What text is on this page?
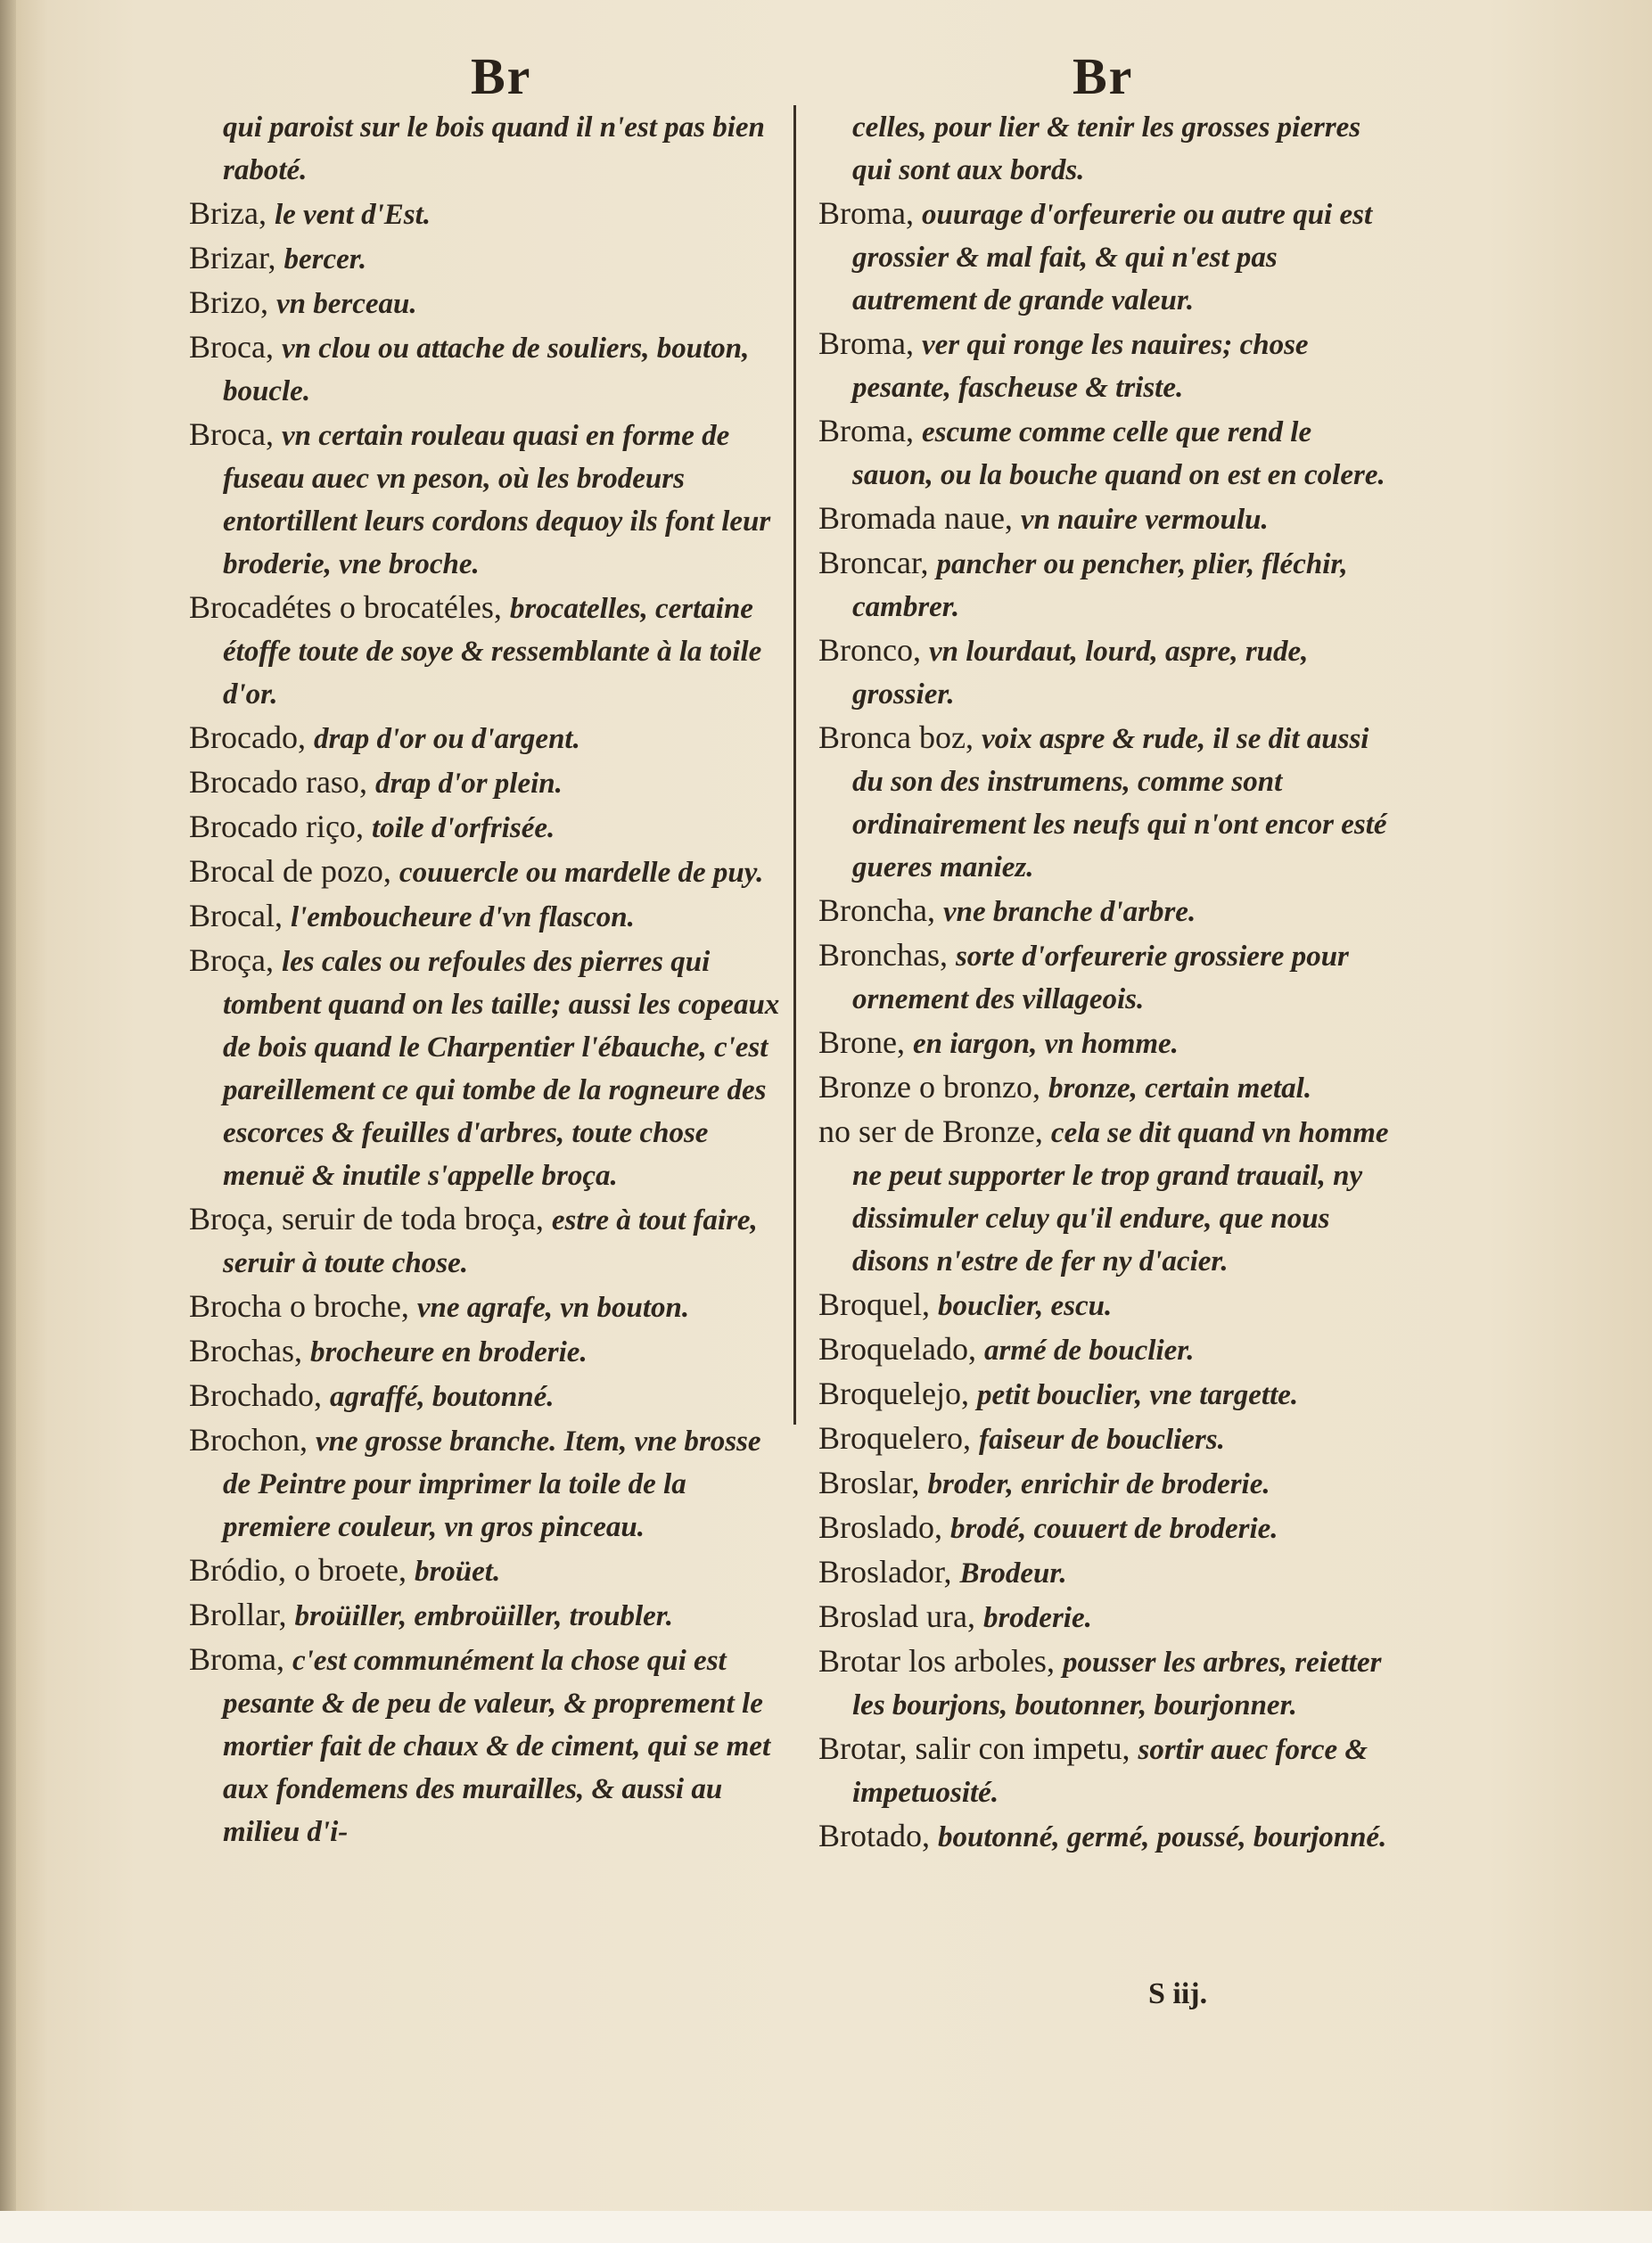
Br	Br
qui paroist sur le bois quand il n'est pas bien raboté.
Briza, le vent d'Est.
Brizar, bercer.
Brizo, vn berceau.
Broca, vn clou ou attache de souliers, bouton, boucle.
Broca, vn certain rouleau quasi en forme de fuseau auec vn peson, où les brodeurs entortillent leurs cordons dequoy ils font leur broderie, vne broche.
Brocadétes o brocatéles, brocatelles, certaine étoffe toute de soye & ressemblante à la toile d'or.
Brocado, drap d'or ou d'argent.
Brocado raso, drap d'or plein.
Brocado riço, toile d'orfrisée.
Brocal de pozo, couuercle ou mardelle de puy.
Brocal, l'emboucheure d'vn flascon.
Broça, les cales ou refoules des pierres qui tombent quand on les taille; aussi les copeaux de bois quand le Charpentier l'ébauche, c'est pareillement ce qui tombe de la rogneure des escorces & feuilles d'arbres, toute chose menuë & inutile s'appelle broça.
Broça, seruir de toda broça, estre à tout faire, seruir à toute chose.
Brocha o broche, vne agrafe, vn bouton.
Brochas, brocheure en broderie.
Brochado, agraffé, boutonné.
Brochon, vne grosse branche. Item, vne brosse de Peintre pour imprimer la toile de la premiere couleur, vn gros pinceau.
Bródio, o broete, broüet.
Brollar, broüiller, embroüiller, troubler.
Broma, c'est communément la chose qui est pesante & de peu de valeur, & proprement le mortier fait de chaux & de ciment, qui se met aux fondemens des murailles, & aussi au milieu d'i-
celles, pour lier & tenir les grosses pierres qui sont aux bords.
Broma, ouurage d'orfeurerie ou autre qui est grossier & mal fait, & qui n'est pas autrement de grande valeur.
Broma, ver qui ronge les nauires; chose pesante, fascheuse & triste.
Broma, escume comme celle que rend le sauon, ou la bouche quand on est en colere.
Bromada naue, vn nauire vermoulu.
Broncar, pancher ou pencher, plier, fléchir, cambrer.
Bronco, vn lourdaut, lourd, aspre, rude, grossier.
Bronca boz, voix aspre & rude, il se dit aussi du son des instrumens, comme sont ordinairement les neufs qui n'ont encor esté gueres maniez.
Broncha, vne branche d'arbre.
Bronchas, sorte d'orfeurerie grossiere pour ornement des villageois.
Brone, en iargon, vn homme.
Bronze o bronzo, bronze, certain metal.
no ser de Bronze, cela se dit quand vn homme ne peut supporter le trop grand trauail, ny dissimuler celuy qu'il endure, que nous disons n'estre de fer ny d'acier.
Broquel, bouclier, escu.
Broquelado, armé de bouclier.
Broquelejo, petit bouclier, vne targette.
Broquelero, faiseur de boucliers.
Broslar, broder, enrichir de broderie.
Broslado, brodé, couuert de broderie.
Broslador, Brodeur.
Broslad ura, broderie.
Brotar los arboles, pousser les arbres, reietter les bourjons, boutonner, bourjonner.
Brotar, salir con impetu, sortir auec force & impetuosité.
Brotado, boutonné, germé, poussé, bourjonné.
S iij.
